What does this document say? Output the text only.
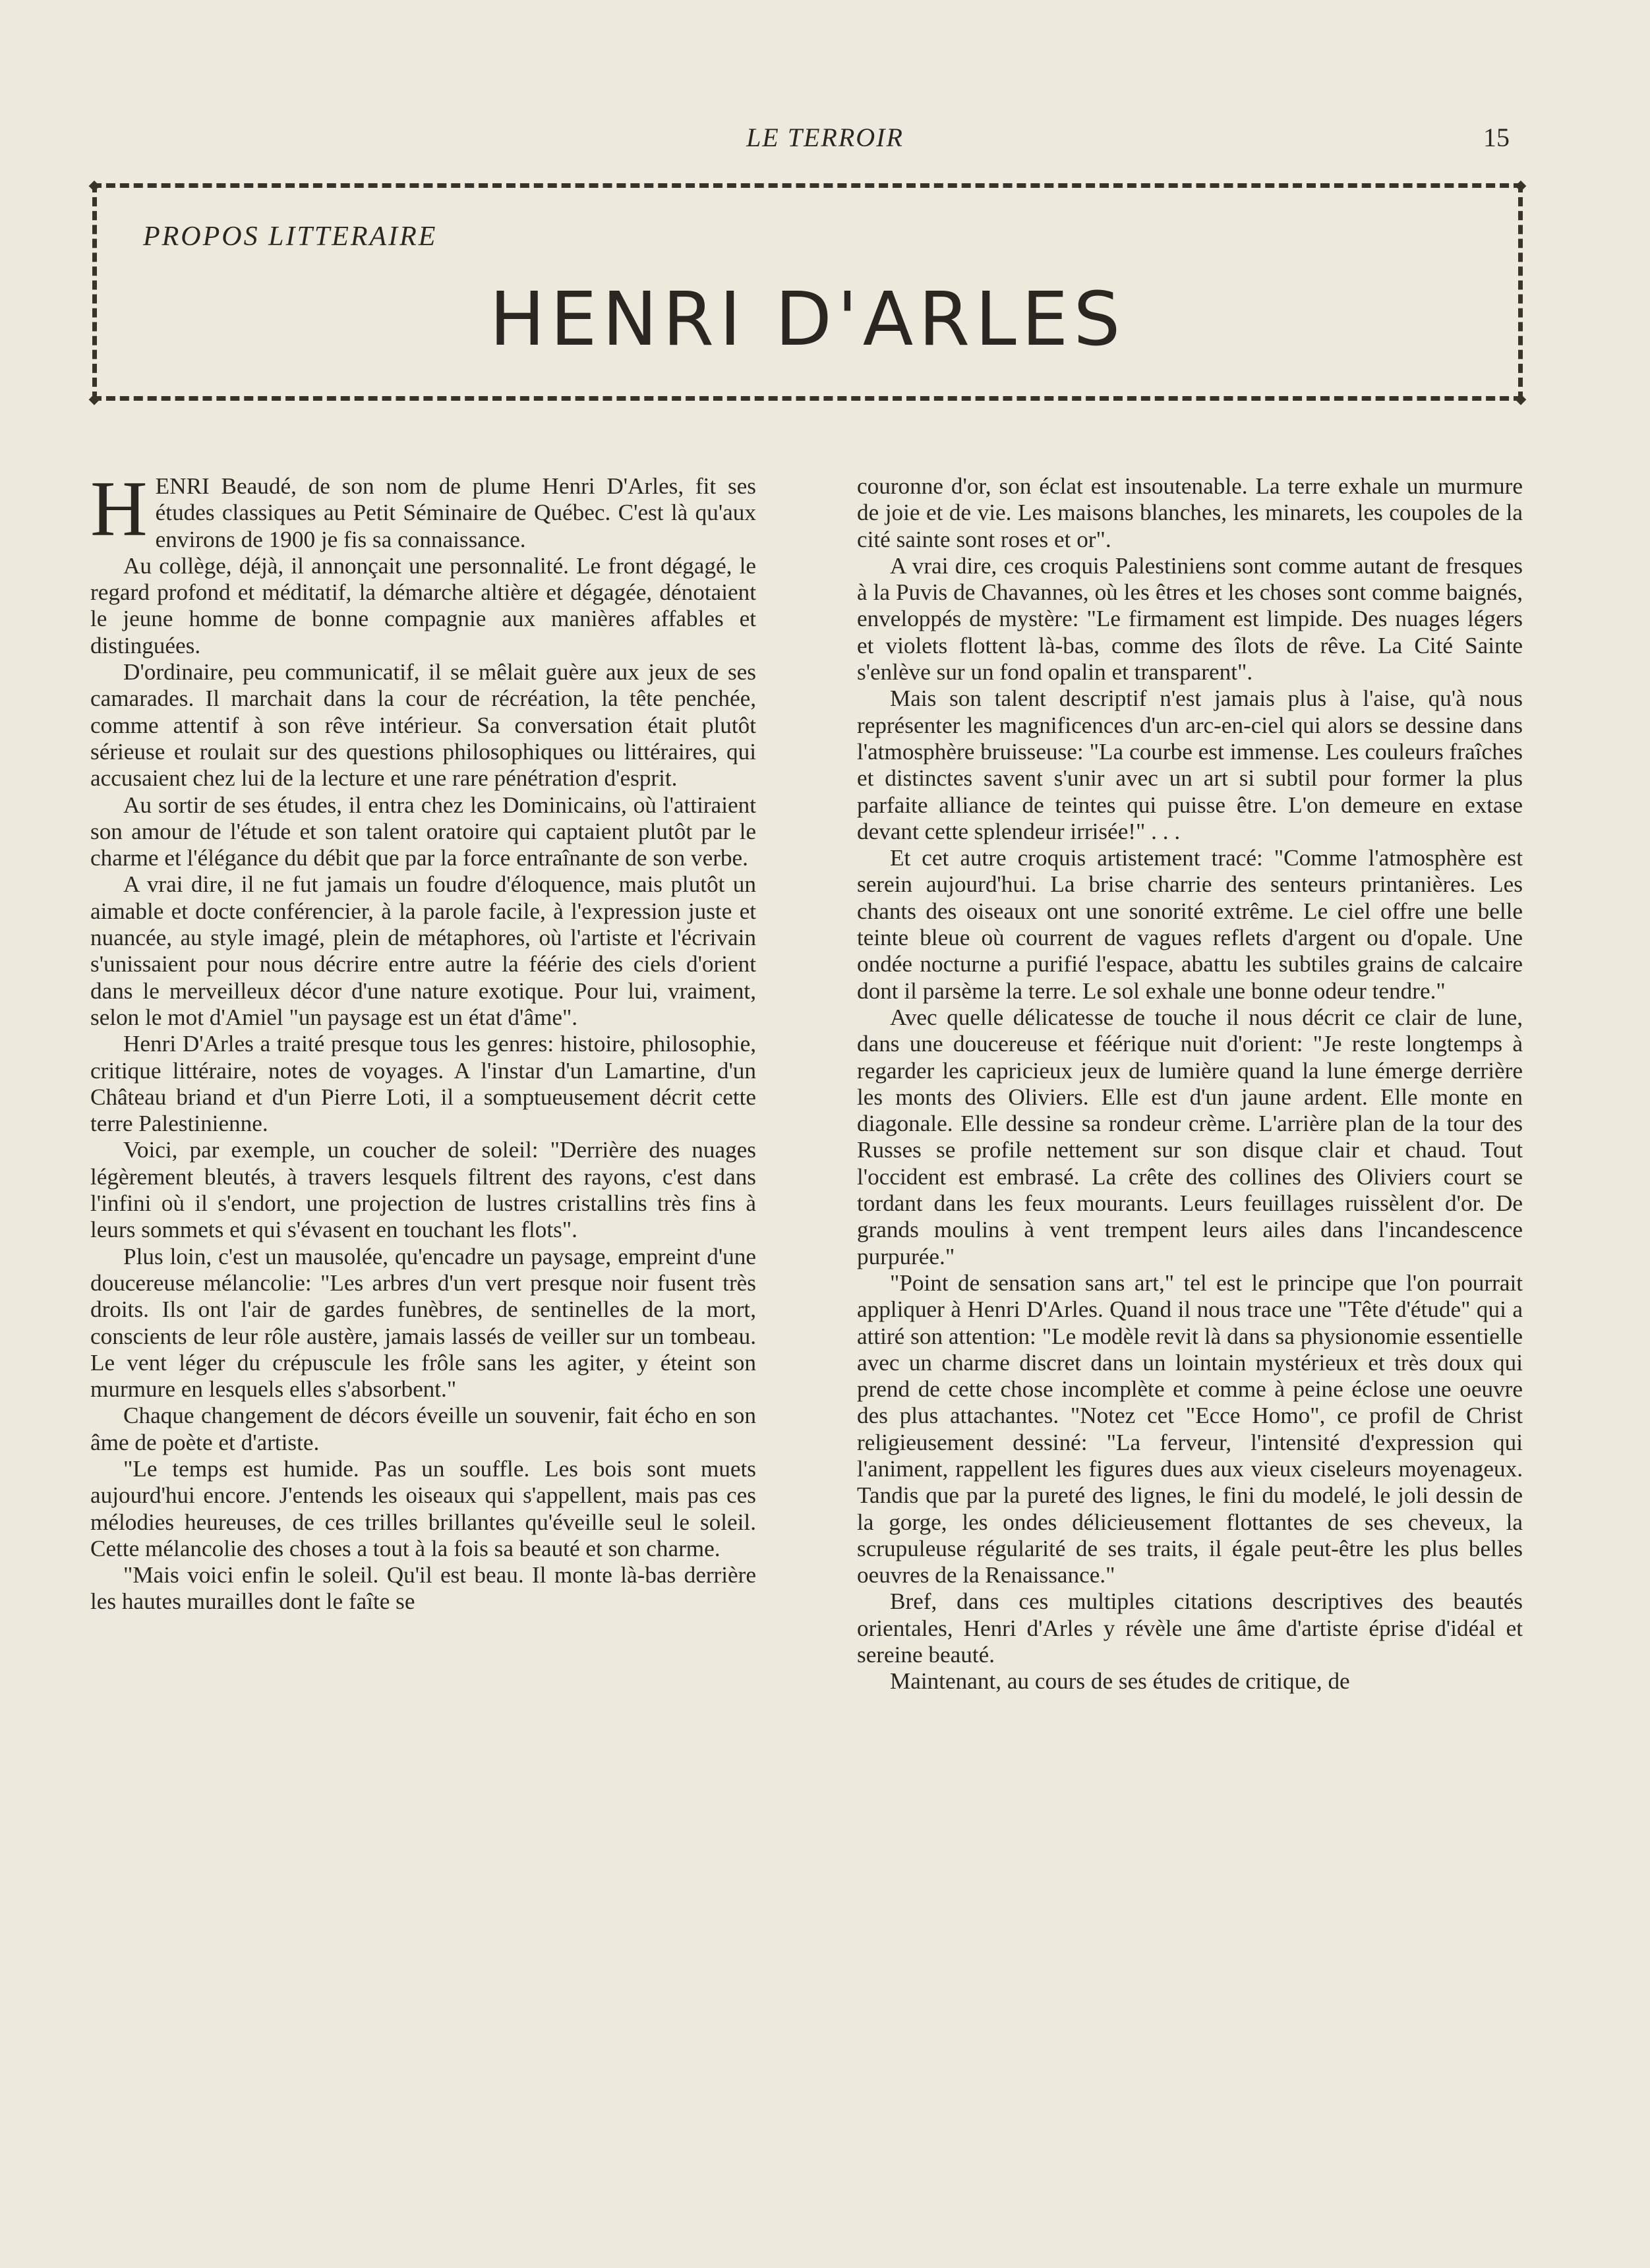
LE TERROIR	15
◆	◆
◆	◆
PROPOS LITTERAIRE
HENRI D'ARLES

HENRI Beaudé, de son nom de plume Henri D'Arles, fit ses études classiques au Petit Séminaire de Québec. C'est là qu'aux environs de 1900 je fis sa connaissance.

Au collège, déjà, il annonçait une personnalité. Le front dégagé, le regard profond et méditatif, la démarche altière et dégagée, dénotaient le jeune homme de bonne compagnie aux manières affables et distinguées.

D'ordinaire, peu communicatif, il se mêlait guère aux jeux de ses camarades. Il marchait dans la cour de récréation, la tête penchée, comme attentif à son rêve intérieur. Sa conversation était plutôt sérieuse et roulait sur des questions philosophiques ou littéraires, qui accusaient chez lui de la lecture et une rare pénétration d'esprit.

Au sortir de ses études, il entra chez les Dominicains, où l'attiraient son amour de l'étude et son talent oratoire qui captaient plutôt par le charme et l'élégance du débit que par la force entraînante de son verbe.

A vrai dire, il ne fut jamais un foudre d'éloquence, mais plutôt un aimable et docte conférencier, à la parole facile, à l'expression juste et nuancée, au style imagé, plein de métaphores, où l'artiste et l'écrivain s'unissaient pour nous décrire entre autre la féérie des ciels d'orient dans le merveilleux décor d'une nature exotique. Pour lui, vraiment, selon le mot d'Amiel "un paysage est un état d'âme".

Henri D'Arles a traité presque tous les genres: histoire, philosophie, critique littéraire, notes de voyages. A l'instar d'un Lamartine, d'un Château briand et d'un Pierre Loti, il a somptueusement décrit cette terre Palestinienne.

Voici, par exemple, un coucher de soleil: "Derrière des nuages légèrement bleutés, à travers lesquels filtrent des rayons, c'est dans l'infini où il s'endort, une projection de lustres cristallins très fins à leurs sommets et qui s'évasent en touchant les flots".

Plus loin, c'est un mausolée, qu'encadre un paysage, empreint d'une doucereuse mélancolie: "Les arbres d'un vert presque noir fusent très droits. Ils ont l'air de gardes funèbres, de sentinelles de la mort, conscients de leur rôle austère, jamais lassés de veiller sur un tombeau. Le vent léger du crépuscule les frôle sans les agiter, y éteint son murmure en lesquels elles s'absorbent."

Chaque changement de décors éveille un souvenir, fait écho en son âme de poète et d'artiste.

"Le temps est humide. Pas un souffle. Les bois sont muets aujourd'hui encore. J'entends les oiseaux qui s'appellent, mais pas ces mélodies heureuses, de ces trilles brillantes qu'éveille seul le soleil. Cette mélancolie des choses a tout à la fois sa beauté et son charme.

"Mais voici enfin le soleil. Qu'il est beau. Il monte là-bas derrière les hautes murailles dont le faîte se

couronne d'or, son éclat est insoutenable. La terre exhale un murmure de joie et de vie. Les maisons blanches, les minarets, les coupoles de la cité sainte sont roses et or".

A vrai dire, ces croquis Palestiniens sont comme autant de fresques à la Puvis de Chavannes, où les êtres et les choses sont comme baignés, enveloppés de mystère: "Le firmament est limpide. Des nuages légers et violets flottent là-bas, comme des îlots de rêve. La Cité Sainte s'enlève sur un fond opalin et transparent".

Mais son talent descriptif n'est jamais plus à l'aise, qu'à nous représenter les magnificences d'un arc-en-ciel qui alors se dessine dans l'atmosphère bruisseuse: "La courbe est immense. Les couleurs fraîches et distinctes savent s'unir avec un art si subtil pour former la plus parfaite alliance de teintes qui puisse être. L'on demeure en extase devant cette splendeur irrisée!" . . .

Et cet autre croquis artistement tracé: "Comme l'atmosphère est serein aujourd'hui. La brise charrie des senteurs printanières. Les chants des oiseaux ont une sonorité extrême. Le ciel offre une belle teinte bleue où courrent de vagues reflets d'argent ou d'opale. Une ondée nocturne a purifié l'espace, abattu les subtiles grains de calcaire dont il parsème la terre. Le sol exhale une bonne odeur tendre."

Avec quelle délicatesse de touche il nous décrit ce clair de lune, dans une doucereuse et féérique nuit d'orient: "Je reste longtemps à regarder les capricieux jeux de lumière quand la lune émerge derrière les monts des Oliviers. Elle est d'un jaune ardent. Elle monte en diagonale. Elle dessine sa rondeur crème. L'arrière plan de la tour des Russes se profile nettement sur son disque clair et chaud. Tout l'occident est embrasé. La crête des collines des Oliviers court se tordant dans les feux mourants. Leurs feuillages ruissèlent d'or. De grands moulins à vent trempent leurs ailes dans l'incandescence purpurée."

"Point de sensation sans art," tel est le principe que l'on pourrait appliquer à Henri D'Arles. Quand il nous trace une "Tête d'étude" qui a attiré son attention: "Le modèle revit là dans sa physionomie essentielle avec un charme discret dans un lointain mystérieux et très doux qui prend de cette chose incomplète et comme à peine éclose une oeuvre des plus attachantes. "Notez cet "Ecce Homo", ce profil de Christ religieusement dessiné: "La ferveur, l'intensité d'expression qui l'animent, rappellent les figures dues aux vieux ciseleurs moyenageux. Tandis que par la pureté des lignes, le fini du modelé, le joli dessin de la gorge, les ondes délicieusement flottantes de ses cheveux, la scrupuleuse régularité de ses traits, il égale peut-être les plus belles oeuvres de la Renaissance."

Bref, dans ces multiples citations descriptives des beautés orientales, Henri d'Arles y révèle une âme d'artiste éprise d'idéal et sereine beauté.

Maintenant, au cours de ses études de critique, de
